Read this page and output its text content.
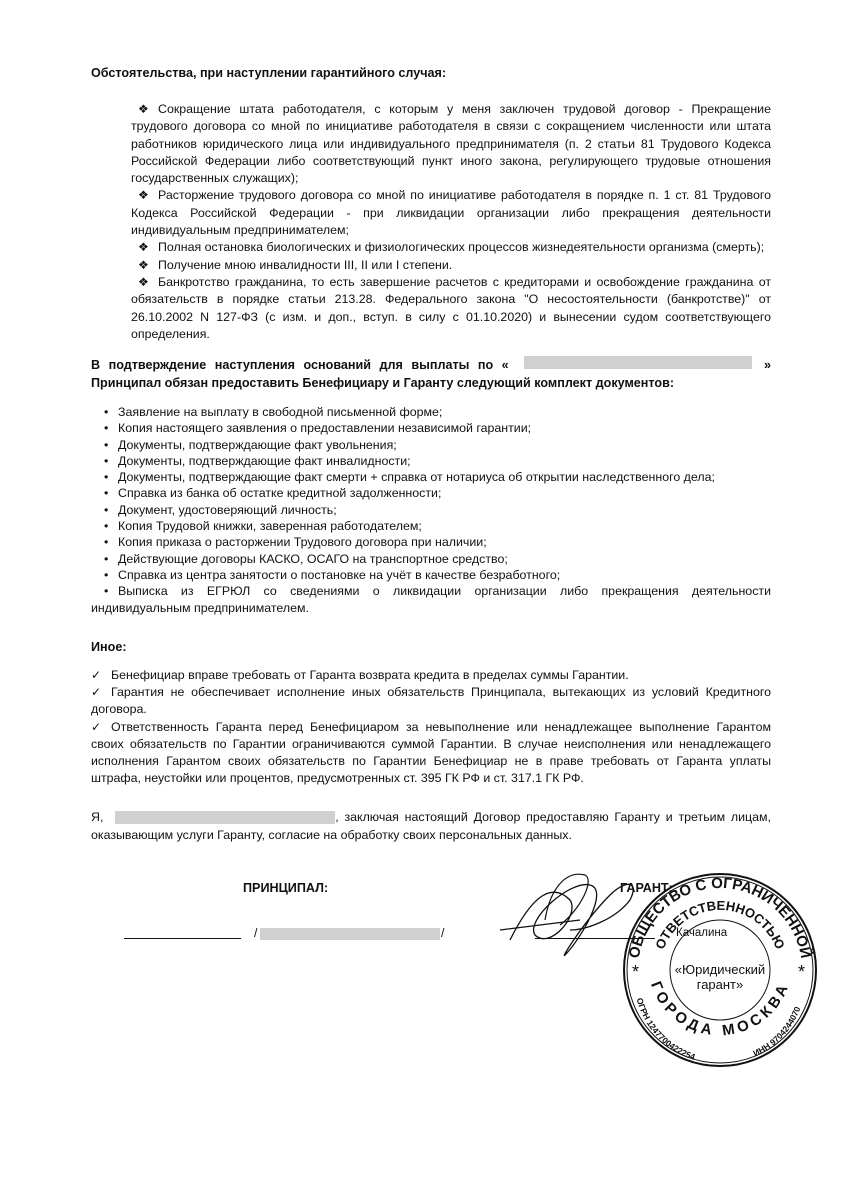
Обстоятельства, при наступлении гарантийного случая:

❖ Сокращение штата работодателя, с которым у меня заключен трудовой договор - Прекращение трудового договора со мной по инициативе работодателя в связи с сокращением численности или штата работников юридического лица или индивидуального предпринимателя (п. 2 статьи 81 Трудового Кодекса Российской Федерации либо соответствующий пункт иного закона, регулирующего трудовые отношения государственных служащих);

❖ Расторжение трудового договора со мной по инициативе работодателя в порядке п. 1 ст. 81 Трудового Кодекса Российской Федерации - при ликвидации организации либо прекращения деятельности индивидуальным предпринимателем;

❖ Полная остановка биологических и физиологических процессов жизнедеятельности организма (смерть);

❖ Получение мною инвалидности III, II или I степени.

❖ Банкротство гражданина, то есть завершение расчетов с кредиторами и освобождение гражданина от обязательств в порядке статьи 213.28. Федерального закона "О несостоятельности (банкротстве)" от 26.10.2002 N 127-ФЗ (с изм. и доп., вступ. в силу с 01.10.2020) и вынесении судом соответствующего определения.

В подтверждение наступления оснований для выплаты по «	»
Принципал обязан предоставить Бенефициару и Гаранту следующий комплект документов:

• Заявление на выплату в свободной письменной форме;

• Копия настоящего заявления о предоставлении независимой гарантии;

• Документы, подтверждающие факт увольнения;

• Документы, подтверждающие факт инвалидности;

• Документы, подтверждающие факт смерти + справка от нотариуса об открытии наследственного дела;

• Справка из банка об остатке кредитной задолженности;

• Документ, удостоверяющий личность;

• Копия Трудовой книжки, заверенная работодателем;

• Копия приказа о расторжении Трудового договора при наличии;

• Действующие договоры КАСКО, ОСАГО на транспортное средство;

• Справка из центра занятости о постановке на учёт в качестве безработного;

• Выписка из ЕГРЮЛ со сведениями о ликвидации организации либо прекращения деятельности индивидуальным предпринимателем.

Иное:

✓ Бенефициар вправе требовать от Гаранта возврата кредита в пределах суммы Гарантии.

✓ Гарантия не обеспечивает исполнение иных обязательств Принципала, вытекающих из условий Кредитного договора.

✓ Ответственность Гаранта перед Бенефициаром за невыполнение или ненадлежащее выполнение Гарантом своих обязательств по Гарантии ограничиваются суммой Гарантии. В случае неисполнения или ненадлежащего исполнения Гарантом своих обязательств по Гарантии Бенефициар не в праве требовать от Гаранта уплаты штрафа, неустойки или процентов, предусмотренных ст. 395 ГК РФ и ст. 317.1 ГК РФ.

Я,	, заключая настоящий Договор предоставляю Гаранту и третьим лицам, оказывающим услуги Гаранту, согласие на обработку своих персональных данных.
ПРИНЦИПАЛ:
/	/
ГАРАНТ:
Качалина
ОБЩЕСТВО С ОГРАНИЧЕННОЙ
ОТВЕТСТВЕННОСТЬЮ
«Юридический
гарант»
ГОРОДА МОСКВА
ОГРН 1247700422254	ИНН 9704244070
*	*
